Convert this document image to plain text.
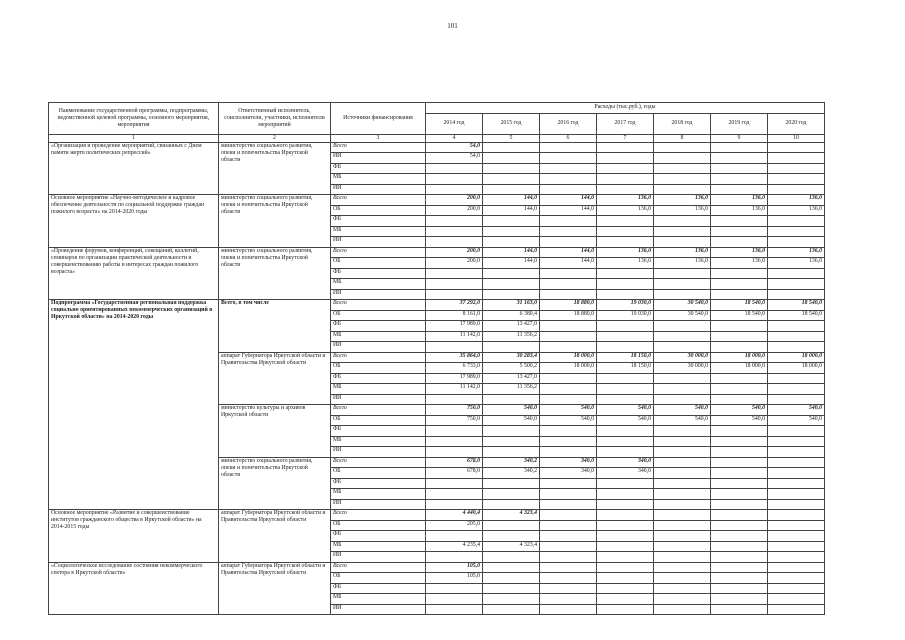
101
Наименование государственной программы, подпрограммы, ведомственной целевой программы, основного мероприятия, мероприятия	Ответственный исполнитель, соисполнители, участники, исполнители мероприятий	Источники финансирования	Расходы (тыс.руб.), годы						
			2014 год	2015 год	2016 год	2017 год	2018 год	2019 год	2020 год
1	2	3	4	5	6	7	8	9	10
«Организация и проведение мероприятий, связанных с Днем памяти жертв политических репрессий»	министерство социального развития, опеки и попечительства Иркутской области	Всего	54,0						
		ИИ	54,0						
		ФБ							
		МБ							
		ИИ							
Основное мероприятие «Научно-методическое и кадровое обеспечение деятельности по социальной поддержке граждан пожилого возраста» на 2014-2020 годы	министерство социального развития, опеки и попечительства Иркутской области	Всего	200,0	144,0	144,0	136,0	136,0	136,0	136,0
		ОБ	200,0	144,0	144,0	136,0	136,0	136,0	136,0
		ФБ							
		МБ							
		ИИ							
«Проведение форумов, конференций, совещаний, коллегий, семинаров по организации практической деятельности и совершенствованию работы в интересах граждан пожилого возраста»	министерство социального развития, опеки и попечительства Иркутской области	Всего	200,0	144,0	144,0	136,0	136,0	136,0	136,0
		ОБ	200,0	144,0	144,0	136,0	136,0	136,0	136,0
		ФБ							
		МБ							
		ИИ							
Подпрограмма «Государственная региональная поддержка социально ориентированных некоммерческих организаций в Иркутской области» на 2014-2020 годы	Всего, в том числе	Всего	37 292,0	31 163,0	18 880,0	19 030,0	30 540,0	18 540,0	18 540,0
		ОБ	8 161,0	6 380,4	18 880,0	19 030,0	30 540,0	18 540,0	18 540,0
		ФБ	17 989,0	13 427,0					
		МБ	11 142,0	11 356,2					
		ИИ							
	аппарат Губернатора Иркутской области и Правительства Иркутской области	Всего	35 864,0	30 283,4	18 000,0	18 150,0	30 000,0	18 000,0	18 000,0
		ОБ	6 733,0	5 500,2	18 000,0	18 150,0	30 000,0	18 000,0	18 000,0
		ФБ	17 989,0	13 427,0					
		МБ	11 142,0	11 356,2					
		ИИ							
	министерство культуры и архивов Иркутской области	Всего	750,0	540,0	540,0	540,0	540,0	540,0	540,0
		ОБ	750,0	540,0	540,0	540,0	540,0	540,0	540,0
		ФБ							
		МБ							
		ИИ							
	министерство социального развития, опеки и попечительства Иркутской области	Всего	678,0	340,2	340,0	340,0			
		ОБ	678,0	340,2	340,0	340,0			
		ФБ							
		МБ							
		ИИ							
Основное мероприятие «Развитие и совершенствование институтов гражданского общества в Иркутской области» на 2014-2015 годы	аппарат Губернатора Иркутской области и Правительства Иркутской области	Всего	4 440,4	4 323,4					
		ОБ	205,0						
		ФБ							
		МБ	4 235,4	4 323,4					
		ИИ							
«Социологическое исследование состояния некоммерческого сектора в Иркутской области»	аппарат Губернатора Иркутской области и Правительства Иркутской области	Всего	105,0						
		ОБ	105,0						
		ФБ							
		МБ							
		ИИ							
